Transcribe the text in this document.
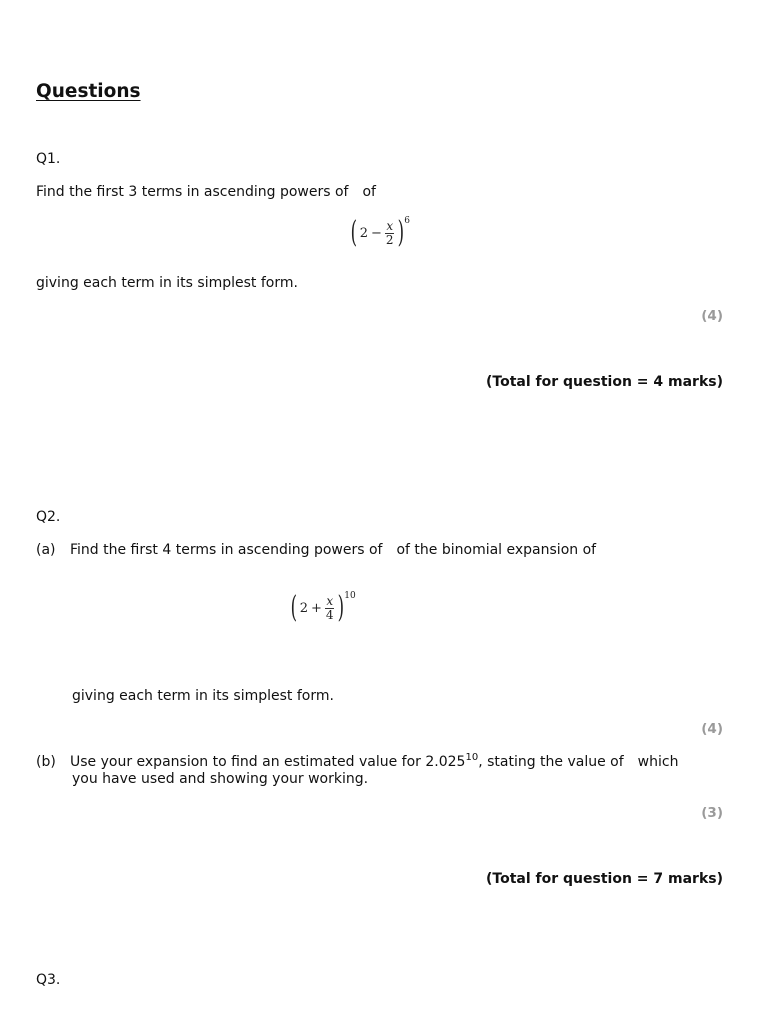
Questions
Q1.
Find the first 3 terms in ascending powers of of
( $2 - \frac{x}{2}$ ) 6
giving each term in its simplest form.
(4)
(Total for question = 4 marks)
Q2.
(a) Find the first 4 terms in ascending powers of of the binomial expansion of
( $2 + \frac{x}{4}$ ) 10
giving each term in its simplest form.
(4)
(b) Use your expansion to find an estimated value for 2.025$^{10}$, stating the value of which
you have used and showing your working.
(3)
(Total for question = 7 marks)
Q3.
